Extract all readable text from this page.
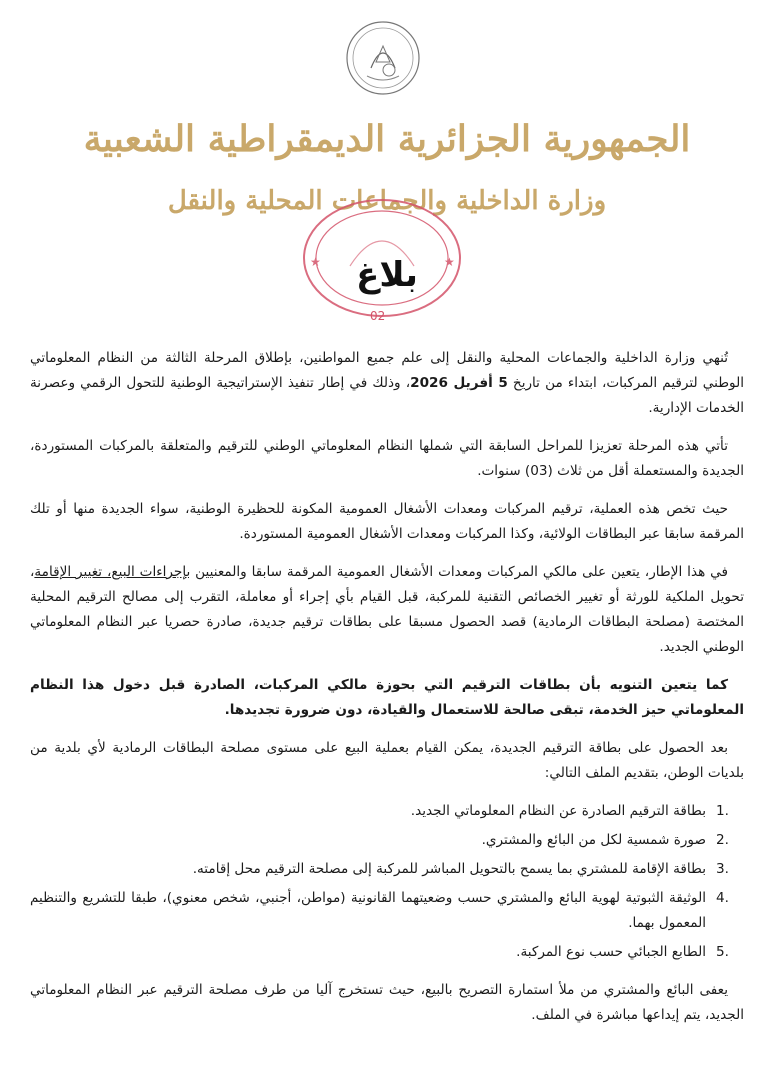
الجمهورية الجزائرية الديمقراطية الشعبية
وزارة الداخلية والجماعات المحلية والنقل
★	★
02
بلاغ

تُنهي وزارة الداخلية والجماعات المحلية والنقل إلى علم جميع المواطنين، بإطلاق المرحلة الثالثة من النظام المعلوماتي الوطني لترقيم المركبات، ابتداء من تاريخ 5 أفريل 2026، وذلك في إطار تنفيذ الإستراتيجية الوطنية للتحول الرقمي وعصرنة الخدمات الإدارية.

تأتي هذه المرحلة تعزيزا للمراحل السابقة التي شملها النظام المعلوماتي الوطني للترقيم والمتعلقة بالمركبات المستوردة، الجديدة والمستعملة أقل من ثلاث (03) سنوات.

حيث تخص هذه العملية، ترقيم المركبات ومعدات الأشغال العمومية المكونة للحظيرة الوطنية، سواء الجديدة منها أو تلك المرقمة سابقا عبر البطاقات الولائية، وكذا المركبات ومعدات الأشغال العمومية المستوردة.

في هذا الإطار، يتعين على مالكي المركبات ومعدات الأشغال العمومية المرقمة سابقا والمعنيين بإجراءات البيع، تغيير الإقامة، تحويل الملكية للورثة أو تغيير الخصائص التقنية للمركبة، قبل القيام بأي إجراء أو معاملة، التقرب إلى مصالح الترقيم المحلية المختصة (مصلحة البطاقات الرمادية) قصد الحصول مسبقا على بطاقات ترقيم جديدة، صادرة حصريا عبر النظام المعلوماتي الوطني الجديد.

كما يتعين التنويه بأن بطاقات الترقيم التي بحوزة مالكي المركبات، الصادرة قبل دخول هذا النظام المعلوماتي حيز الخدمة، تبقى صالحة للاستعمال والقيادة، دون ضرورة تجديدها.

بعد الحصول على بطاقة الترقيم الجديدة، يمكن القيام بعملية البيع على مستوى مصلحة البطاقات الرمادية لأي بلدية من بلديات الوطن، بتقديم الملف التالي:

1.
بطاقة الترقيم الصادرة عن النظام المعلوماتي الجديد.
2.
صورة شمسية لكل من البائع والمشتري.
3.
بطاقة الإقامة للمشتري بما يسمح بالتحويل المباشر للمركبة إلى مصلحة الترقيم محل إقامته.
4.
الوثيقة الثبوتية لهوية البائع والمشتري حسب وضعيتهما القانونية (مواطن، أجنبي، شخص معنوي)، طبقا للتشريع والتنظيم المعمول بهما.
5.
الطابع الجبائي حسب نوع المركبة.

يعفى البائع والمشتري من ملأ استمارة التصريح بالبيع، حيث تستخرج آليا من طرف مصلحة الترقيم عبر النظام المعلوماتي الجديد، يتم إيداعها مباشرة في الملف.
